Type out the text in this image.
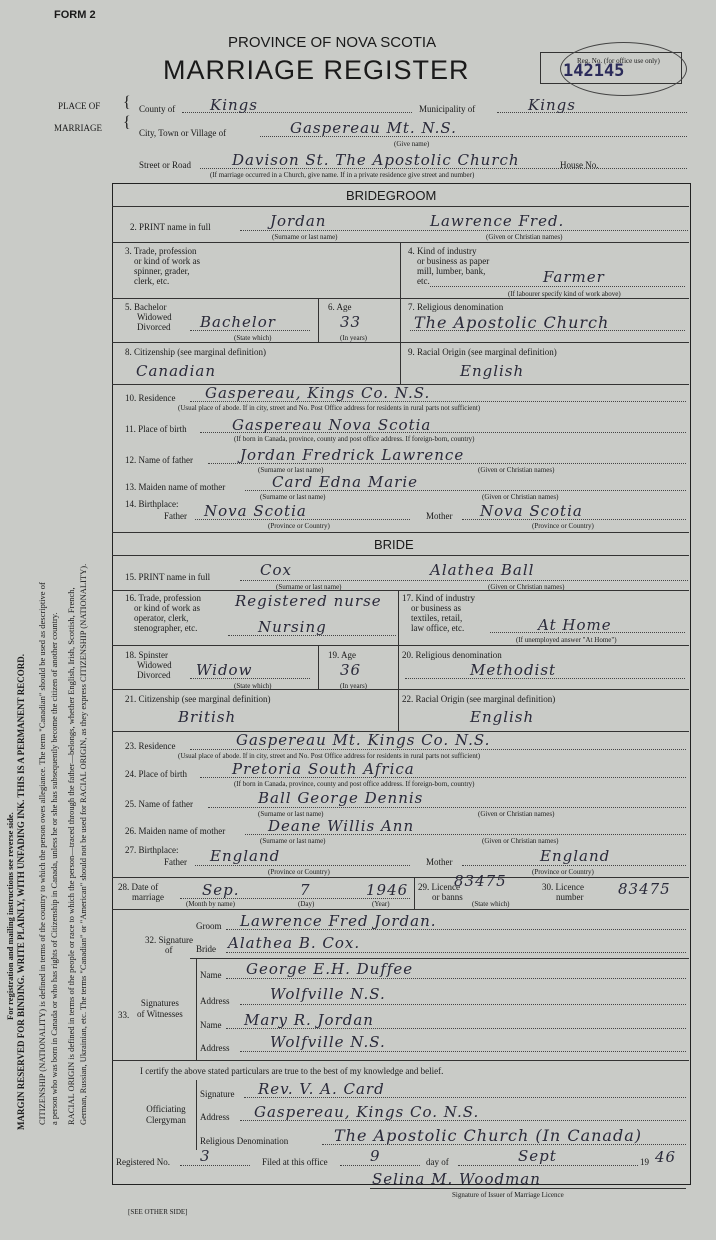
FORM 2
PROVINCE OF NOVA SCOTIA
MARRIAGE REGISTER	Reg. No. (for office use only)
142145
PLACE OF
MARRIAGE
{
{
County of Kings	Municipality of	Kings
City, Town or Village of	Gaspereau Mt. N.S.
(Give name)
Street or Road	Davison St. The Apostolic Church	House No.
(If marriage occurred in a Church, give name. If in a private residence give street and number)
BRIDEGROOM
2. PRINT name in full	Jordan	Lawrence Fred.
(Surname or last name)	(Given or Christian names)
3. Trade, profession
or kind of work as
spinner, grader,
clerk, etc.
4. Kind of industry
or business as paper
mill, lumber, bank,
etc.	Farmer
(If labourer specify kind of work above)
5. Bachelor
Widowed
Divorced Bachelor
(State which)
6. Age
33
(In years)
7. Religious denomination
The Apostolic Church
8. Citizenship (see marginal definition)
Canadian
9. Racial Origin (see marginal definition)
English
10. Residence Gaspereau, Kings Co. N.S.
(Usual place of abode. If in city, street and No. Post Office address for residents in rural parts not sufficient)
11. Place of birth	Gaspereau Nova Scotia
(If born in Canada, province, county and post office address. If foreign-born, country)
12. Name of father	Jordan Fredrick Lawrence
(Surname or last name)	(Given or Christian names)
13. Maiden name of mother	Card Edna Marie
(Surname or last name)	(Given or Christian names)
14. Birthplace:
Father Nova Scotia
(Province or Country)
Mother Nova Scotia
(Province or Country)
BRIDE
15. PRINT name in full	Cox	Alathea Ball
(Surname or last name)	(Given or Christian names)
16. Trade, profession
or kind of work as
operator, clerk,
stenographer, etc.
Registered nurse
Nursing
17. Kind of industry
or business as
textiles, retail,
law office, etc.	At Home
(If unemployed answer "At Home")
18. Spinster
Widowed
Divorced Widow
(State which)
19. Age
36
(In years)
20. Religious denomination
Methodist
21. Citizenship (see marginal definition)
British
22. Racial Origin (see marginal definition)
English
23. Residence	Gaspereau Mt. Kings Co. N.S.
(Usual place of abode. If in city, street and No. Post Office address for residents in rural parts not sufficient)
24. Place of birth	Pretoria South Africa
(If born in Canada, province, county and post office address. If foreign-born, country)
25. Name of father	Ball George Dennis
(Surname or last name)	(Given or Christian names)
26. Maiden name of mother	Deane Willis Ann
(Surname or last name)	(Given or Christian names)
27. Birthplace:
Father England
(Province or Country)
Mother	England
(Province or Country)
28. Date of
marriage	Sep.	7	1946
(Month by name)	(Day)	(Year)
29. Licence
or banns
83475
(State which)
30. Licence
number 83475
32. Signature
of
Groom Lawrence Fred Jordan.
Bride Alathea B. Cox.
33.
Signatures
of Witnesses
Name George E.H. Duffee
Address	Wolfville N.S.
Name Mary R. Jordan
Address	Wolfville N.S.
I certify the above stated particulars are true to the best of my knowledge and belief.
Officiating
Clergyman
Signature Rev. V. A. Card
Address Gaspereau, Kings Co. N.S.
Religious Denomination	The Apostolic Church (In Canada)
Registered No. 3	Filed at this office	9	day of	Sept	19 46
Selina M. Woodman
Signature of Issuer of Marriage Licence
[SEE OTHER SIDE]
For registration and mailing instructions see reverse side. MARGIN RESERVED FOR BINDING. WRITE PLAINLY, WITH UNFADING INK. THIS IS A PERMANENT RECORD. CITIZENSHIP (NATIONALITY) is defined in terms of the country to which the person owes allegiance. The term "Canadian" should be used as descriptive of a person who was born in Canada or who has rights of Citizenship in Canada, unless he or she has subsequently become the citizen of another country. RACIAL ORIGIN is defined in terms of the people or race to which the person—traced through the father—belongs, whether English, Irish, Scottish, French, German, Russian, Ukrainian, etc. The terms "Canadian" or "American" should not be used for RACIAL ORIGIN, as they express CITIZENSHIP (NATIONALITY).
